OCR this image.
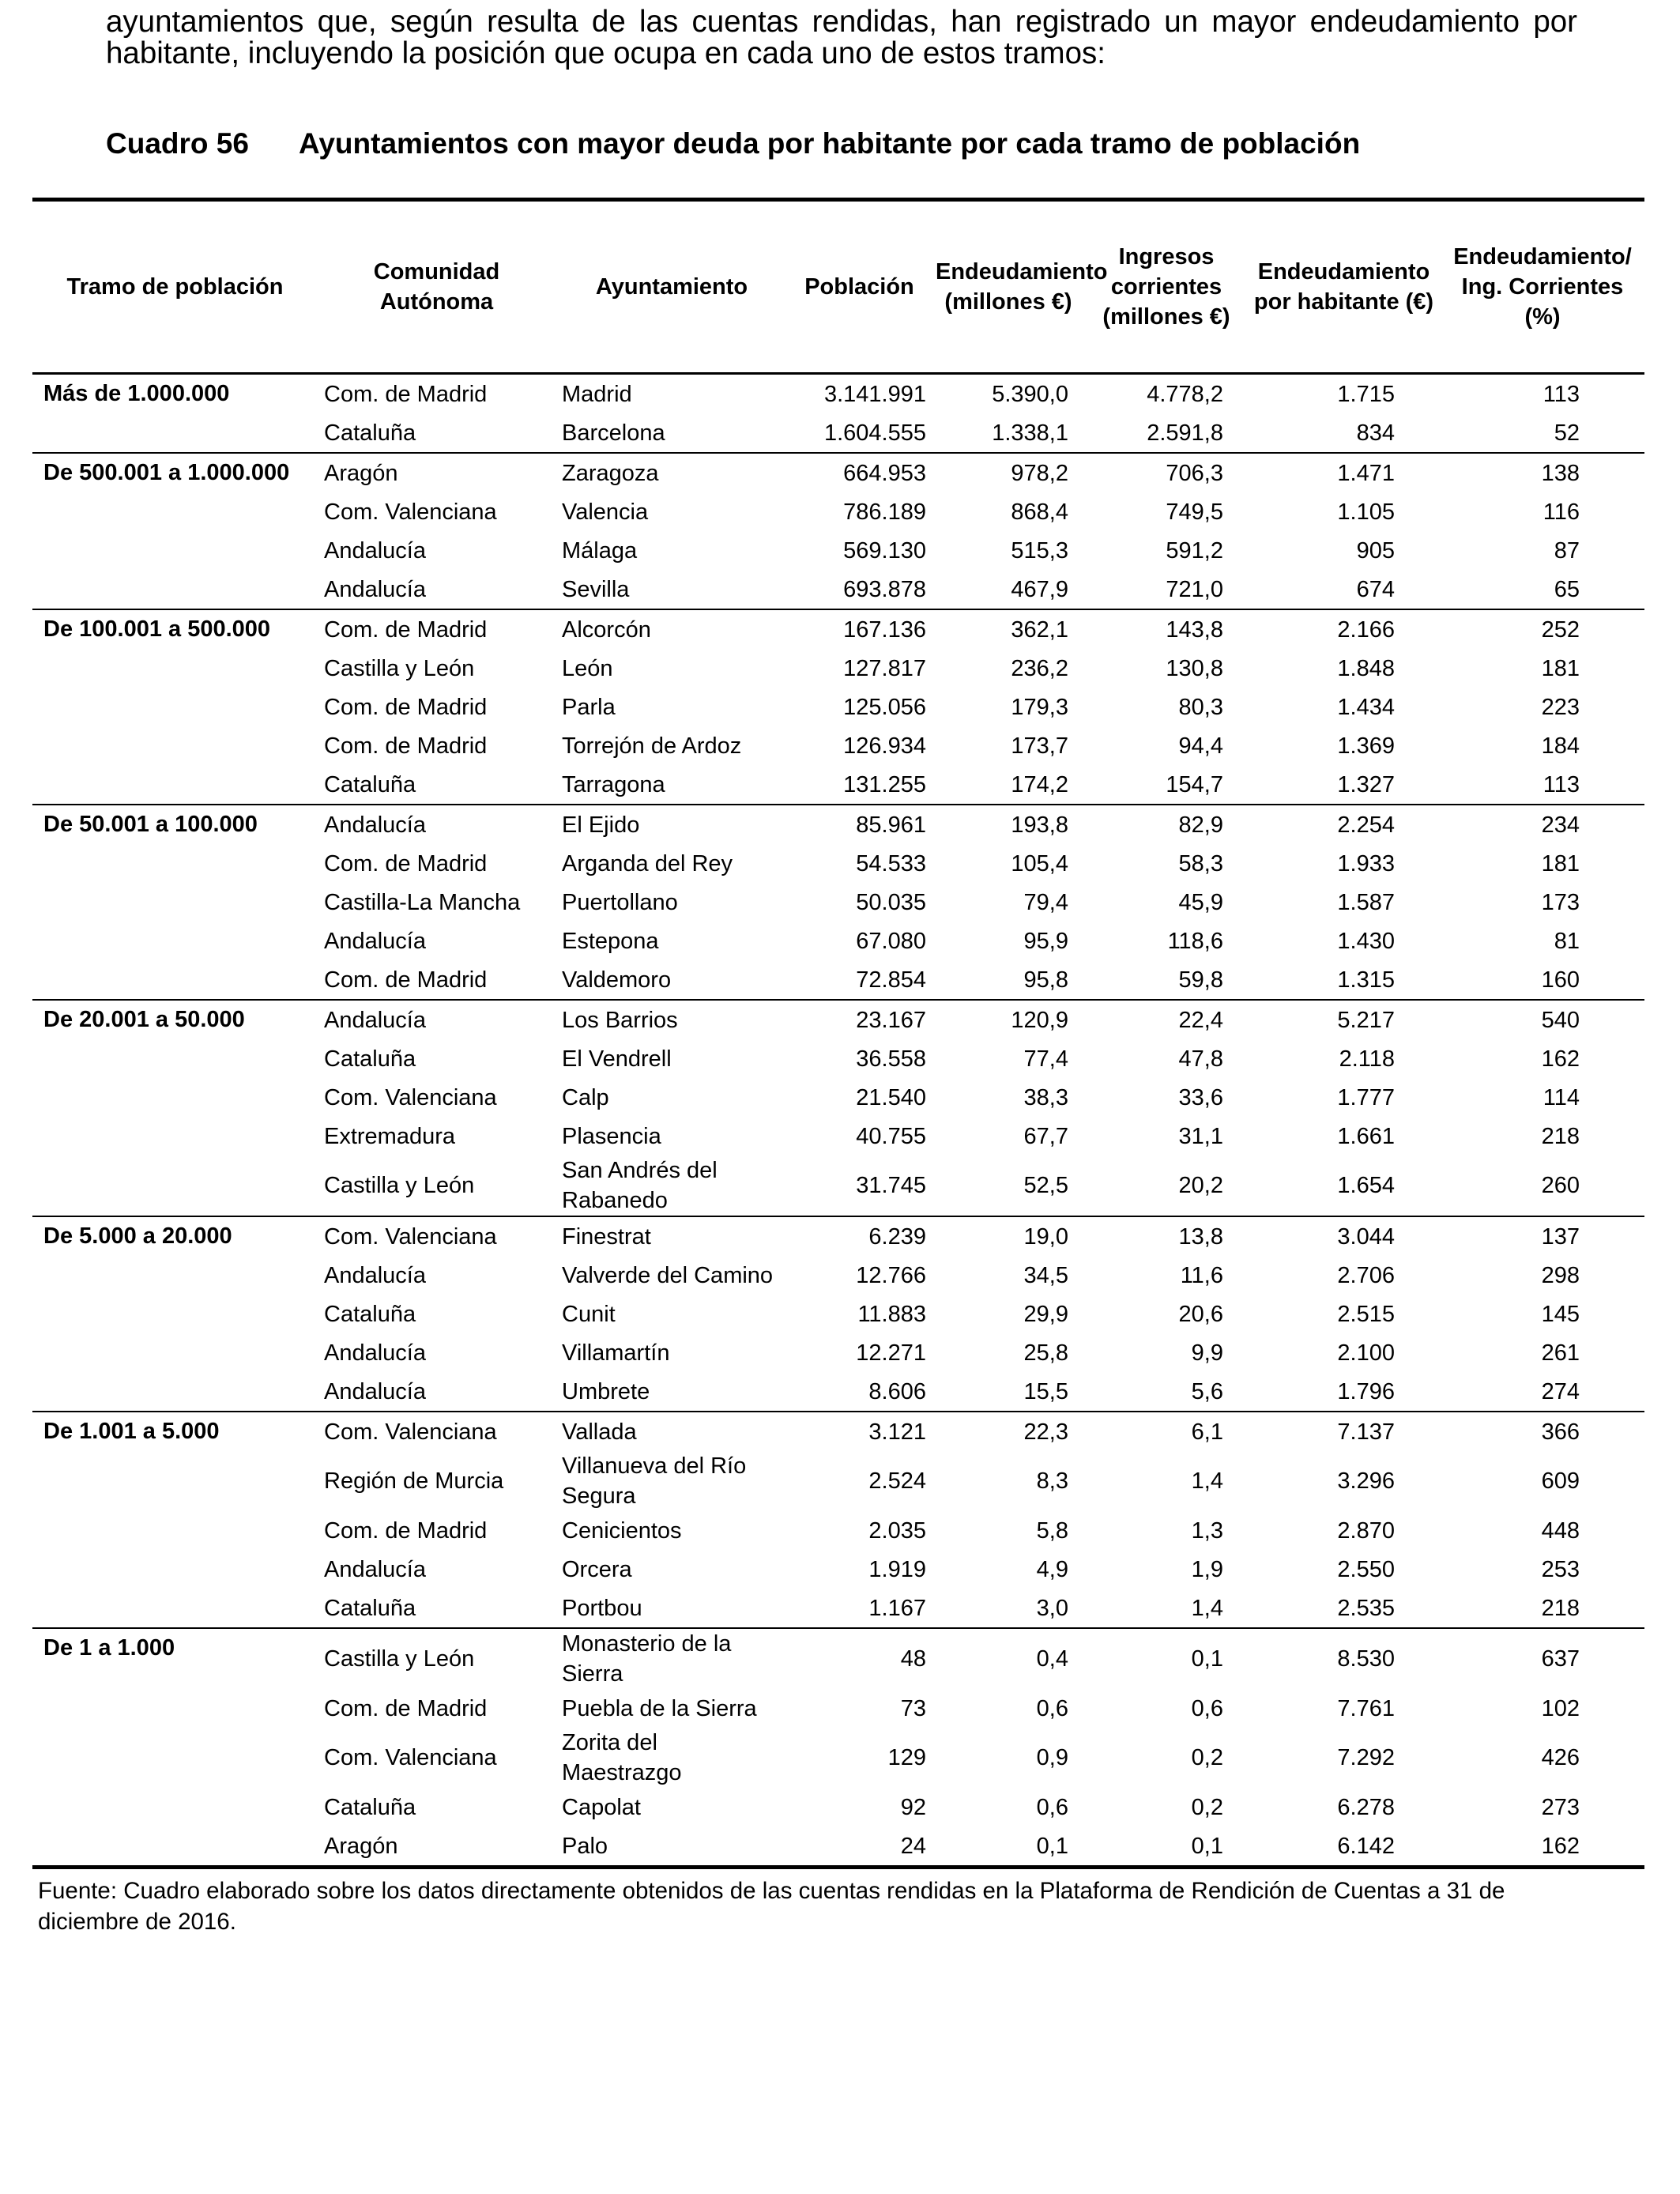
ayuntamientos que, según resulta de las cuentas rendidas, han registrado un mayor endeudamiento por habitante, incluyendo la posición que ocupa en cada uno de estos tramos:
Cuadro 56 Ayuntamientos con mayor deuda por habitante por cada tramo de población
Tramo de población	Comunidad Autónoma	Ayuntamiento	Población	Endeudamiento (millones €)	Ingresos corrientes (millones €)	Endeudamiento por habitante (€)	Endeudamiento/ Ing. Corrientes (%)
Más de 1.000.000	Com. de Madrid	Madrid	3.141.991	5.390,0	4.778,2	1.715	113
	Cataluña	Barcelona	1.604.555	1.338,1	2.591,8	834	52
De 500.001 a 1.000.000	Aragón	Zaragoza	664.953	978,2	706,3	1.471	138
	Com. Valenciana	Valencia	786.189	868,4	749,5	1.105	116
	Andalucía	Málaga	569.130	515,3	591,2	905	87
	Andalucía	Sevilla	693.878	467,9	721,0	674	65
De 100.001 a 500.000	Com. de Madrid	Alcorcón	167.136	362,1	143,8	2.166	252
	Castilla y León	León	127.817	236,2	130,8	1.848	181
	Com. de Madrid	Parla	125.056	179,3	80,3	1.434	223
	Com. de Madrid	Torrejón de Ardoz	126.934	173,7	94,4	1.369	184
	Cataluña	Tarragona	131.255	174,2	154,7	1.327	113
De 50.001 a 100.000	Andalucía	El Ejido	85.961	193,8	82,9	2.254	234
	Com. de Madrid	Arganda del Rey	54.533	105,4	58,3	1.933	181
	Castilla-La Mancha	Puertollano	50.035	79,4	45,9	1.587	173
	Andalucía	Estepona	67.080	95,9	118,6	1.430	81
	Com. de Madrid	Valdemoro	72.854	95,8	59,8	1.315	160
De 20.001 a 50.000	Andalucía	Los Barrios	23.167	120,9	22,4	5.217	540
	Cataluña	El Vendrell	36.558	77,4	47,8	2.118	162
	Com. Valenciana	Calp	21.540	38,3	33,6	1.777	114
	Extremadura	Plasencia	40.755	67,7	31,1	1.661	218
	Castilla y León	San Andrés del Rabanedo	31.745	52,5	20,2	1.654	260
De 5.000 a 20.000	Com. Valenciana	Finestrat	6.239	19,0	13,8	3.044	137
	Andalucía	Valverde del Camino	12.766	34,5	11,6	2.706	298
	Cataluña	Cunit	11.883	29,9	20,6	2.515	145
	Andalucía	Villamartín	12.271	25,8	9,9	2.100	261
	Andalucía	Umbrete	8.606	15,5	5,6	1.796	274
De 1.001 a 5.000	Com. Valenciana	Vallada	3.121	22,3	6,1	7.137	366
	Región de Murcia	Villanueva del Río Segura	2.524	8,3	1,4	3.296	609
	Com. de Madrid	Cenicientos	2.035	5,8	1,3	2.870	448
	Andalucía	Orcera	1.919	4,9	1,9	2.550	253
	Cataluña	Portbou	1.167	3,0	1,4	2.535	218
De 1 a 1.000	Castilla y León	Monasterio de la Sierra	48	0,4	0,1	8.530	637
	Com. de Madrid	Puebla de la Sierra	73	0,6	0,6	7.761	102
	Com. Valenciana	Zorita del Maestrazgo	129	0,9	0,2	7.292	426
	Cataluña	Capolat	92	0,6	0,2	6.278	273
	Aragón	Palo	24	0,1	0,1	6.142	162
Fuente: Cuadro elaborado sobre los datos directamente obtenidos de las cuentas rendidas en la Plataforma de Rendición de Cuentas a 31 de diciembre de 2016.
